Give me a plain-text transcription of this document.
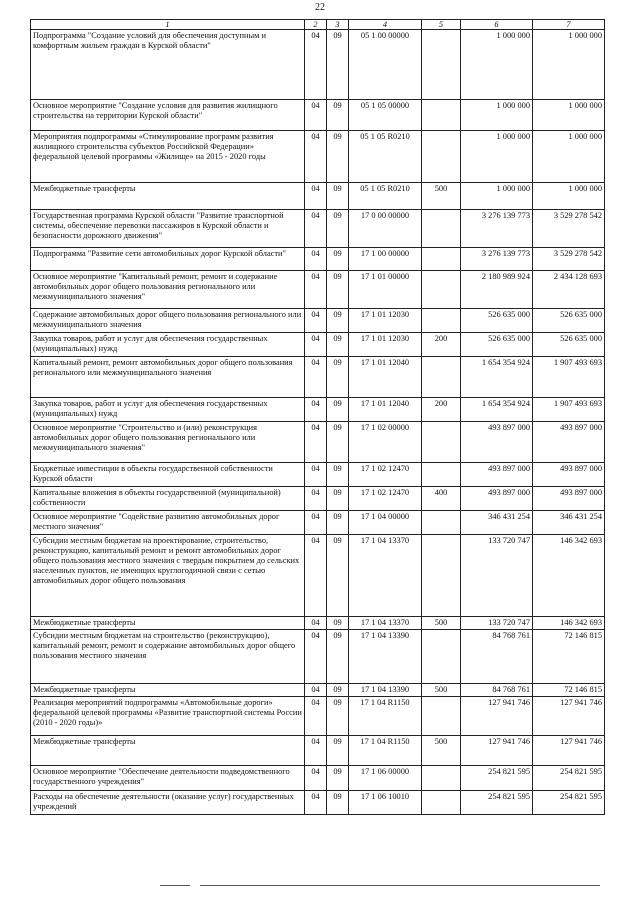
22
1	2	3	4	5	6	7
Подпрограмма "Создание условий для обеспечения доступным и комфортным жильем граждан в Курской области"	04	09	05 1 00 00000		1 000 000	1 000 000
Основное мероприятие "Создание условия для развития жилищного строительства на территории Курской области"	04	09	05 1 05 00000		1 000 000	1 000 000
Мероприятия подпрограммы «Стимулирование программ развития жилищного строительства субъектов Российской Федерации» федеральной целевой программы «Жилище» на 2015 - 2020 годы	04	09	05 1 05 R0210		1 000 000	1 000 000
Межбюджетные трансферты	04	09	05 1 05 R0210	500	1 000 000	1 000 000
Государственная программа Курской области "Развитие транспортной системы, обеспечение перевозки пассажиров в Курской области и безопасности дорожного движения"	04	09	17 0 00 00000		3 276 139 773	3 529 278 542
Подпрограмма "Развитие сети автомобильных дорог Курской области"	04	09	17 1 00 00000		3 276 139 773	3 529 278 542
Основное мероприятие "Капитальный ремонт, ремонт и содержание автомобильных дорог общего пользования регионального или межмуниципального значения"	04	09	17 1 01 00000		2 180 989 924	2 434 128 693
Содержание автомобильных дорог общего пользования регионального или межмуниципального значения	04	09	17 1 01 12030		526 635 000	526 635 000
Закупка товаров, работ и услуг для обеспечения государственных (муниципальных) нужд	04	09	17 1 01 12030	200	526 635 000	526 635 000
Капитальный ремонт, ремонт автомобильных дорог общего пользования регионального или межмуниципального значения	04	09	17 1 01 12040		1 654 354 924	1 907 493 693
Закупка товаров, работ и услуг для обеспечения государственных (муниципальных) нужд	04	09	17 1 01 12040	200	1 654 354 924	1 907 493 693
Основное мероприятие "Строительство и (или) реконструкция автомобильных дорог общего пользования регионального или межмуниципального значения"	04	09	17 1 02 00000		493 897 000	493 897 000
Бюджетные инвестиции в объекты государственной собственности Курской области	04	09	17 1 02 12470		493 897 000	493 897 000
Капитальные вложения в объекты государственной (муниципальной) собственности	04	09	17 1 02 12470	400	493 897 000	493 897 000
Основное мероприятие "Содействие развитию автомобильных дорог местного значения"	04	09	17 1 04 00000		346 431 254	346 431 254
Субсидии местным бюджетам на проектирование, строительство, реконструкцию, капитальный ремонт и ремонт автомобильных дорог общего пользования местного значения с твердым покрытием до сельских населенных пунктов, не имеющих круглогодичной связи с сетью автомобильных дорог общего пользования	04	09	17 1 04 13370		133 720 747	146 342 693
Межбюджетные трансферты	04	09	17 1 04 13370	500	133 720 747	146 342 693
Субсидии местным бюджетам на строительство (реконструкцию), капитальный ремонт, ремонт и содержание автомобильных дорог общего пользования местного значения	04	09	17 1 04 13390		84 768 761	72 146 815
Межбюджетные трансферты	04	09	17 1 04 13390	500	84 768 761	72 146 815
Реализация мероприятий подпрограммы «Автомобильные дороги» федеральной целевой программы «Развитие транспортной системы России (2010 - 2020 годы)»	04	09	17 1 04 R1150		127 941 746	127 941 746
Межбюджетные трансферты	04	09	17 1 04 R1150	500	127 941 746	127 941 746
Основное мероприятие "Обеспечение деятельности подведомственного государственного учреждения"	04	09	17 1 06 00000		254 821 595	254 821 595
Расходы на обеспечение деятельности (оказание услуг) государственных учреждений	04	09	17 1 06 10010		254 821 595	254 821 595
